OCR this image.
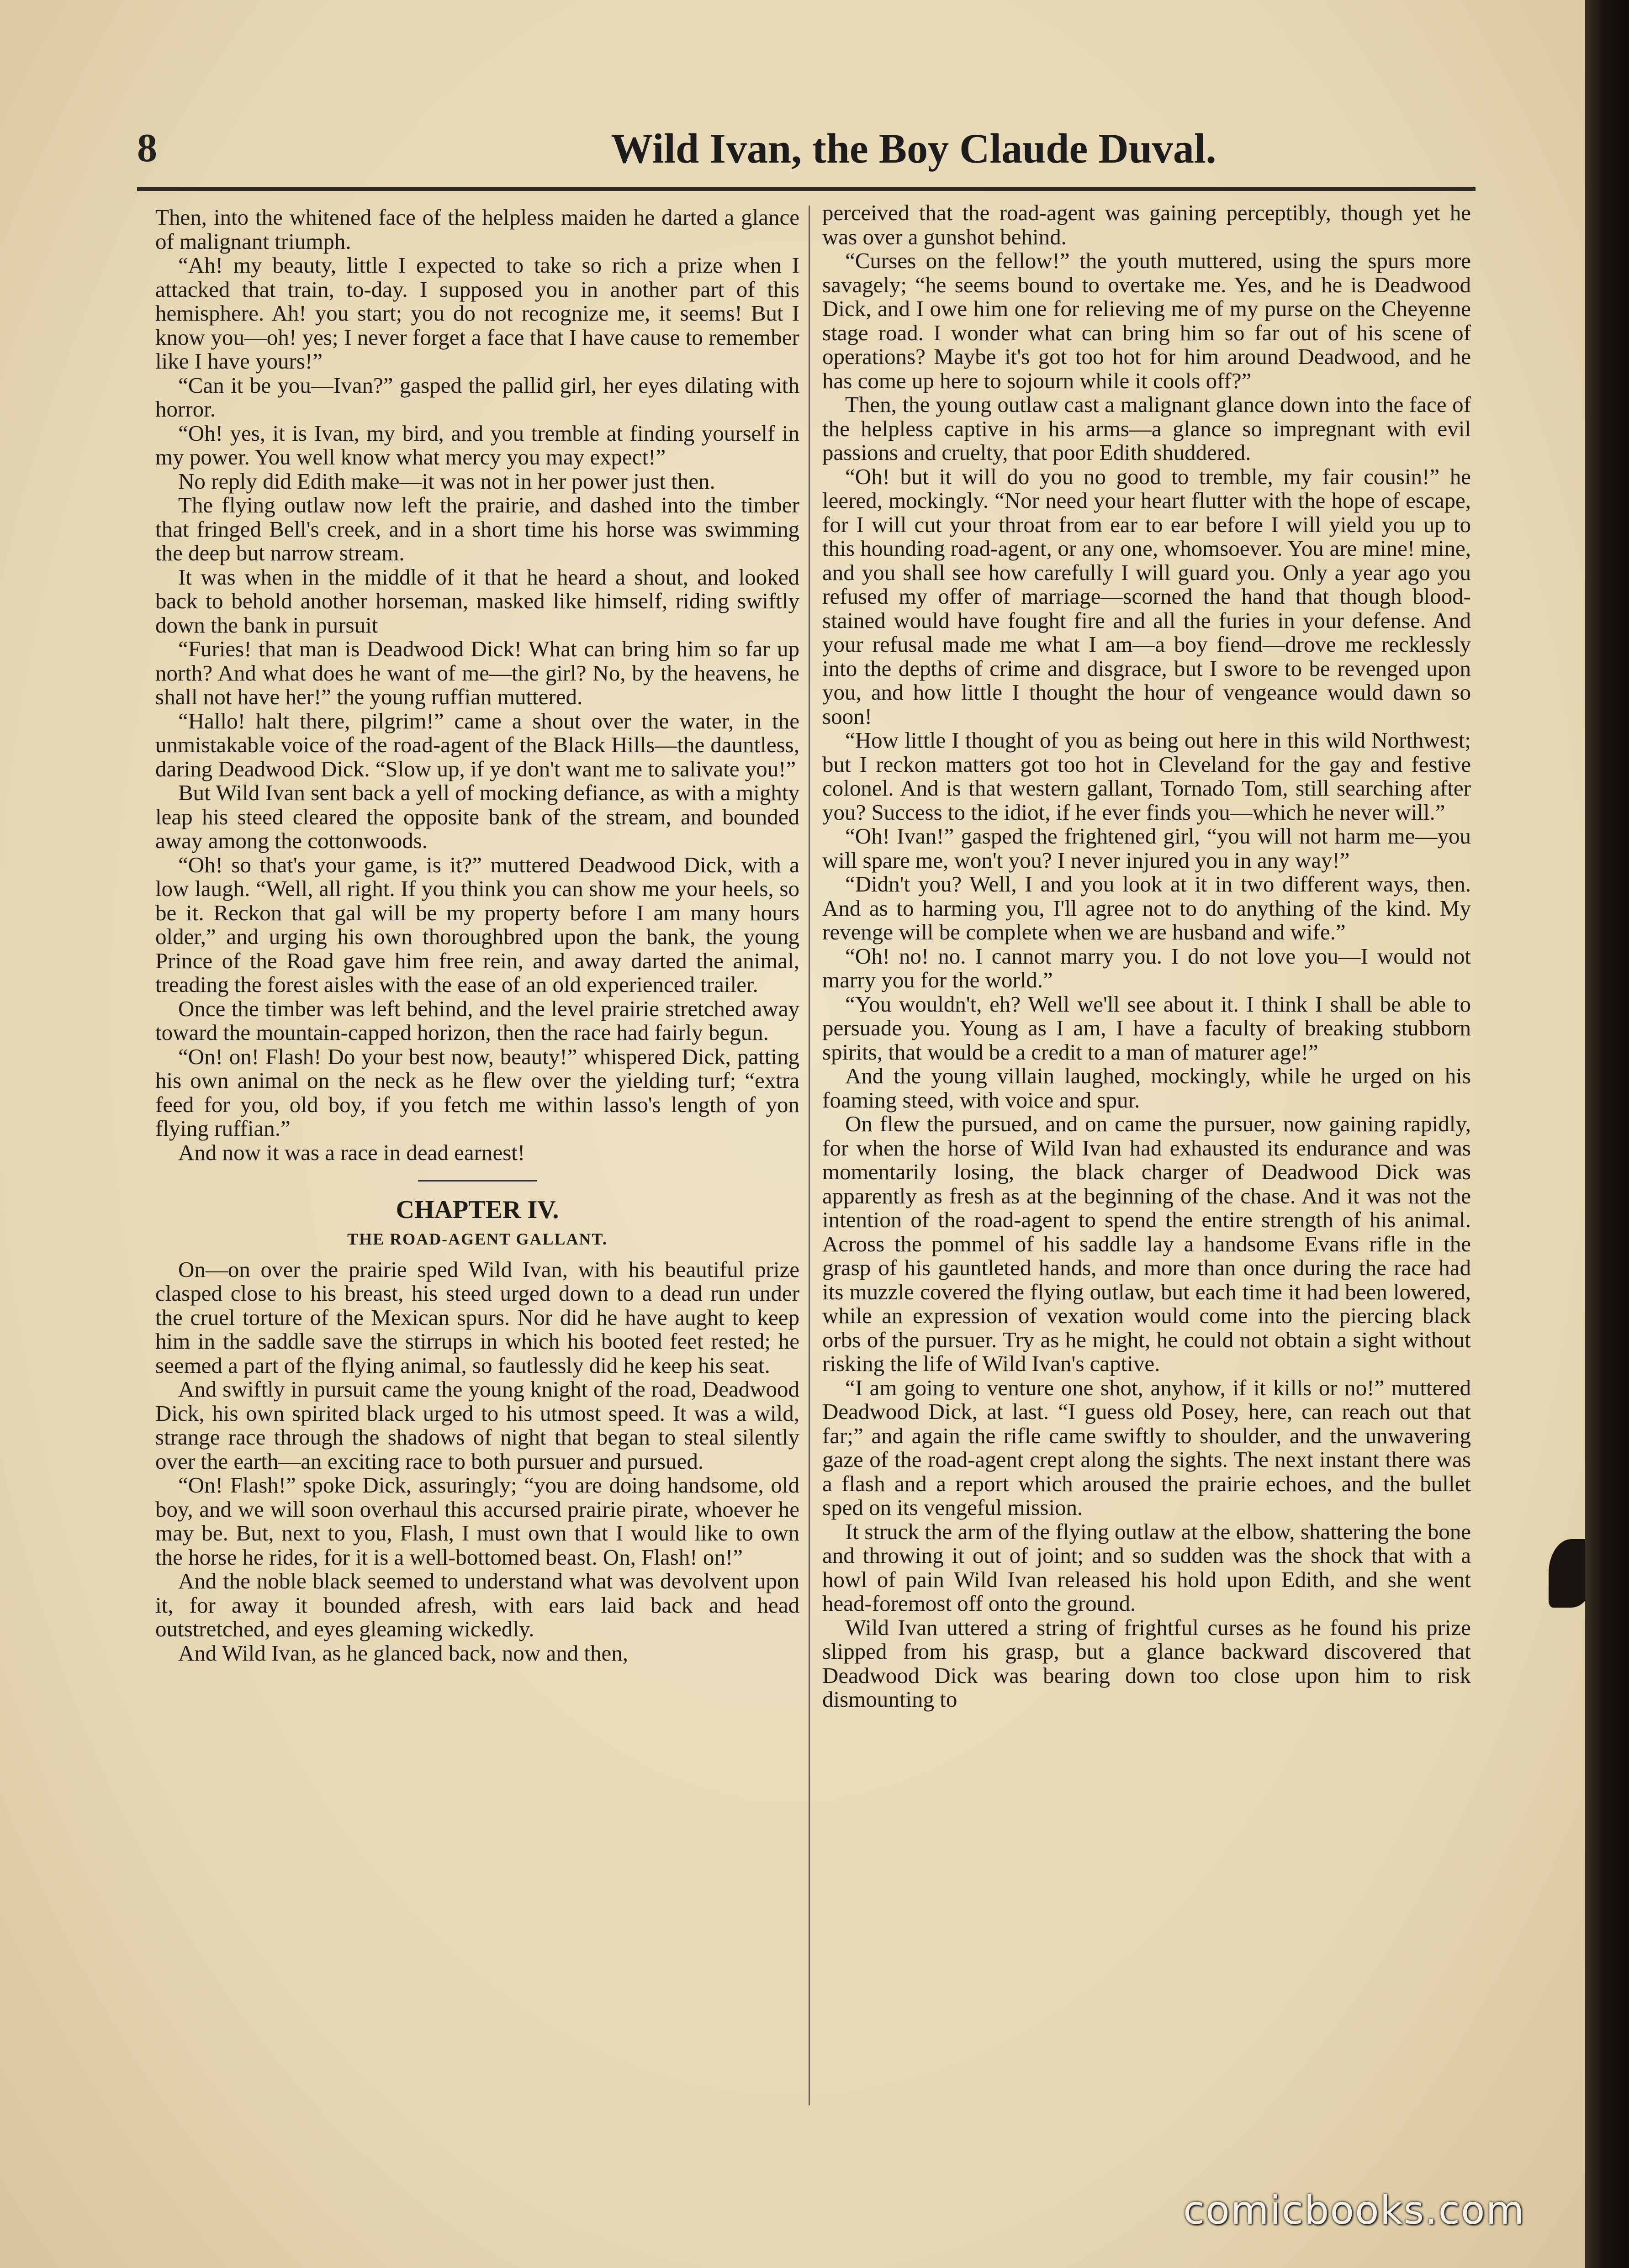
8	Wild Ivan, the Boy Claude Duval.

Then, into the whitened face of the helpless maiden he darted a glance of malignant triumph.

“Ah! my beauty, little I expected to take so rich a prize when I attacked that train, to-day. I supposed you in another part of this hemisphere. Ah! you start; you do not recognize me, it seems! But I know you—oh! yes; I never forget a face that I have cause to remember like I have yours!”

“Can it be you—Ivan?” gasped the pallid girl, her eyes dilating with horror.

“Oh! yes, it is Ivan, my bird, and you tremble at finding yourself in my power. You well know what mercy you may expect!”

No reply did Edith make—it was not in her power just then.

The flying outlaw now left the prairie, and dashed into the timber that fringed Bell's creek, and in a short time his horse was swimming the deep but narrow stream.

It was when in the middle of it that he heard a shout, and looked back to behold another horseman, masked like himself, riding swiftly down the bank in pursuit

“Furies! that man is Deadwood Dick! What can bring him so far up north? And what does he want of me—the girl? No, by the heavens, he shall not have her!” the young ruffian muttered.

“Hallo! halt there, pilgrim!” came a shout over the water, in the unmistakable voice of the road-agent of the Black Hills—the dauntless, daring Deadwood Dick. “Slow up, if ye don't want me to salivate you!”

But Wild Ivan sent back a yell of mocking defiance, as with a mighty leap his steed cleared the opposite bank of the stream, and bounded away among the cottonwoods.

“Oh! so that's your game, is it?” muttered Deadwood Dick, with a low laugh. “Well, all right. If you think you can show me your heels, so be it. Reckon that gal will be my property before I am many hours older,” and urging his own thoroughbred upon the bank, the young Prince of the Road gave him free rein, and away darted the animal, treading the forest aisles with the ease of an old experienced trailer.

Once the timber was left behind, and the level prairie stretched away toward the mountain-capped horizon, then the race had fairly begun.

“On! on! Flash! Do your best now, beauty!” whispered Dick, patting his own animal on the neck as he flew over the yielding turf; “extra feed for you, old boy, if you fetch me within lasso's length of yon flying ruffian.”

And now it was a race in dead earnest!

CHAPTER IV.
THE ROAD-AGENT GALLANT.

On—on over the prairie sped Wild Ivan, with his beautiful prize clasped close to his breast, his steed urged down to a dead run under the cruel torture of the Mexican spurs. Nor did he have aught to keep him in the saddle save the stirrups in which his booted feet rested; he seemed a part of the flying animal, so fautlessly did he keep his seat.

And swiftly in pursuit came the young knight of the road, Deadwood Dick, his own spirited black urged to his utmost speed. It was a wild, strange race through the shadows of night that began to steal silently over the earth—an exciting race to both pursuer and pursued.

“On! Flash!” spoke Dick, assuringly; “you are doing handsome, old boy, and we will soon overhaul this accursed prairie pirate, whoever he may be. But, next to you, Flash, I must own that I would like to own the horse he rides, for it is a well-bottomed beast. On, Flash! on!”

And the noble black seemed to understand what was devolvent upon it, for away it bounded afresh, with ears laid back and head outstretched, and eyes gleaming wickedly.

And Wild Ivan, as he glanced back, now and then,

perceived that the road-agent was gaining perceptibly, though yet he was over a gunshot behind.

“Curses on the fellow!” the youth muttered, using the spurs more savagely; “he seems bound to overtake me. Yes, and he is Deadwood Dick, and I owe him one for relieving me of my purse on the Cheyenne stage road. I wonder what can bring him so far out of his scene of operations? Maybe it's got too hot for him around Deadwood, and he has come up here to sojourn while it cools off?”

Then, the young outlaw cast a malignant glance down into the face of the helpless captive in his arms—a glance so impregnant with evil passions and cruelty, that poor Edith shuddered.

“Oh! but it will do you no good to tremble, my fair cousin!” he leered, mockingly. “Nor need your heart flutter with the hope of escape, for I will cut your throat from ear to ear before I will yield you up to this hounding road-agent, or any one, whomsoever. You are mine! mine, and you shall see how carefully I will guard you. Only a year ago you refused my offer of marriage—scorned the hand that though blood-stained would have fought fire and all the furies in your defense. And your refusal made me what I am—a boy fiend—drove me recklessly into the depths of crime and disgrace, but I swore to be revenged upon you, and how little I thought the hour of vengeance would dawn so soon!

“How little I thought of you as being out here in this wild Northwest; but I reckon matters got too hot in Cleveland for the gay and festive colonel. And is that western gallant, Tornado Tom, still searching after you? Success to the idiot, if he ever finds you—which he never will.”

“Oh! Ivan!” gasped the frightened girl, “you will not harm me—you will spare me, won't you? I never injured you in any way!”

“Didn't you? Well, I and you look at it in two different ways, then. And as to harming you, I'll agree not to do anything of the kind. My revenge will be complete when we are husband and wife.”

“Oh! no! no. I cannot marry you. I do not love you—I would not marry you for the world.”

“You wouldn't, eh? Well we'll see about it. I think I shall be able to persuade you. Young as I am, I have a faculty of breaking stubborn spirits, that would be a credit to a man of maturer age!”

And the young villain laughed, mockingly, while he urged on his foaming steed, with voice and spur.

On flew the pursued, and on came the pursuer, now gaining rapidly, for when the horse of Wild Ivan had exhausted its endurance and was momentarily losing, the black charger of Deadwood Dick was apparently as fresh as at the beginning of the chase. And it was not the intention of the road-agent to spend the entire strength of his animal. Across the pommel of his saddle lay a handsome Evans rifle in the grasp of his gauntleted hands, and more than once during the race had its muzzle covered the flying outlaw, but each time it had been lowered, while an expression of vexation would come into the piercing black orbs of the pursuer. Try as he might, he could not obtain a sight without risking the life of Wild Ivan's captive.

“I am going to venture one shot, anyhow, if it kills or no!” muttered Deadwood Dick, at last. “I guess old Posey, here, can reach out that far;” and again the rifle came swiftly to shoulder, and the unwavering gaze of the road-agent crept along the sights. The next instant there was a flash and a report which aroused the prairie echoes, and the bullet sped on its vengeful mission.

It struck the arm of the flying outlaw at the elbow, shattering the bone and throwing it out of joint; and so sudden was the shock that with a howl of pain Wild Ivan released his hold upon Edith, and she went head-foremost off onto the ground.

Wild Ivan uttered a string of frightful curses as he found his prize slipped from his grasp, but a glance backward discovered that Deadwood Dick was bearing down too close upon him to risk dismounting to

comicbooks.com
